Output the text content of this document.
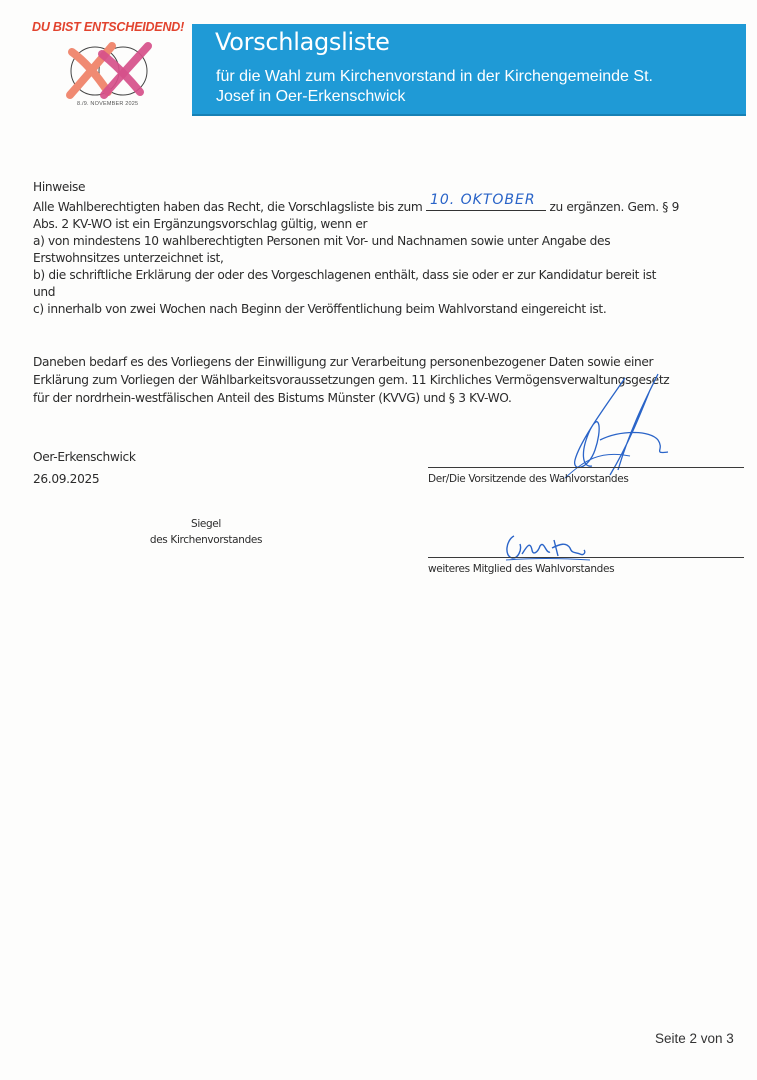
DU BIST ENTSCHEIDEND!
8./9. NOVEMBER 2025
Vorschlagsliste
für die Wahl zum Kirchenvorstand in der Kirchengemeinde St.
Josef in Oer-Erkenschwick
Hinweise
Alle Wahlberechtigten haben das Recht, die Vorschlagsliste bis zum 10. OKTOBER zu ergänzen. Gem. § 9
Abs. 2 KV-WO ist ein Ergänzungsvorschlag gültig, wenn er
a) von mindestens 10 wahlberechtigten Personen mit Vor- und Nachnamen sowie unter Angabe des
Erstwohnsitzes unterzeichnet ist,
b) die schriftliche Erklärung der oder des Vorgeschlagenen enthält, dass sie oder er zur Kandidatur bereit ist
und
c) innerhalb von zwei Wochen nach Beginn der Veröffentlichung beim Wahlvorstand eingereicht ist.
Daneben bedarf es des Vorliegens der Einwilligung zur Verarbeitung personenbezogener Daten sowie einer
Erklärung zum Vorliegen der Wählbarkeitsvoraussetzungen gem. 11 Kirchliches Vermögensverwaltungsgesetz
für der nordrhein-westfälischen Anteil des Bistums Münster (KVVG) und § 3 KV-WO.
Oer-Erkenschwick
26.09.2025
Siegel
des Kirchenvorstandes
Der/Die Vorsitzende des Wahlvorstandes
weiteres Mitglied des Wahlvorstandes
Seite 2 von 3
